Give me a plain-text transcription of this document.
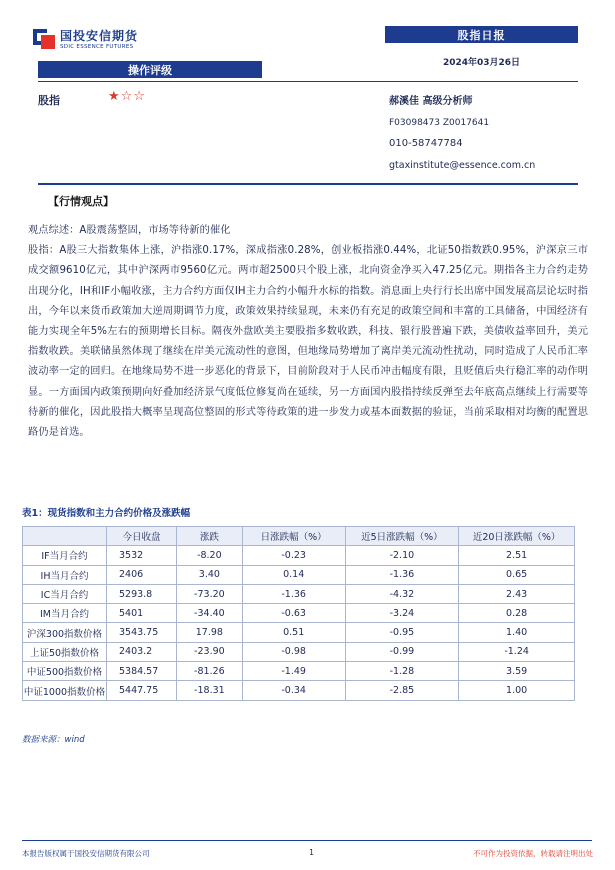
国投安信期货
SDIC ESSENCE FUTURES
股指日报
2024年03月26日
操作评级
股指	★☆☆	郝溪佳 高级分析师
F03098473 Z0017641
010-58747784
gtaxinstitute@essence.com.cn
【行情观点】

观点综述：A股震荡整固，市场等待新的催化

股指：A股三大指数集体上涨，沪指涨0.17%，深成指涨0.28%，创业板指涨0.44%，北证50指数跌0.95%，沪深京三市成交额9610亿元，其中沪深两市9560亿元。两市超2500只个股上涨，北向资金净买入47.25亿元。期指各主力合约走势出现分化，IH和IF小幅收涨，主力合约方面仅IH主力合约小幅升水标的指数。消息面上央行行长出席中国发展高层论坛时指出，今年以来货币政策加大逆周期调节力度，政策效果持续显现，未来仍有充足的政策空间和丰富的工具储备，中国经济有能力实现全年5%左右的预期增长目标。隔夜外盘欧美主要股指多数收跌，科技、银行股普遍下跌，美债收益率回升，美元指数收跌。美联储虽然体现了继续在岸美元流动性的意图，但地缘局势增加了离岸美元流动性扰动，同时造成了人民币汇率波动率一定的回归。在地缘局势不进一步恶化的背景下，目前阶段对于人民币冲击幅度有限，且贬值后央行稳汇率的动作明显。一方面国内政策预期向好叠加经济景气度低位修复尚在延续，另一方面国内股指持续反弹至去年底高点继续上行需要等待新的催化，因此股指大概率呈现高位整固的形式等待政策的进一步发力或基本面数据的验证，当前采取相对均衡的配置思路仍是首选。

表1：现货指数和主力合约价格及涨跌幅
	今日收盘	涨跌	日涨跌幅（%）	近5日涨跌幅（%）	近20日涨跌幅（%）
IF当月合约	3532	-8.20	-0.23	-2.10	2.51
IH当月合约	2406	3.40	0.14	-1.36	0.65
IC当月合约	5293.8	-73.20	-1.36	-4.32	2.43
IM当月合约	5401	-34.40	-0.63	-3.24	0.28
沪深300指数价格	3543.75	17.98	0.51	-0.95	1.40
上证50指数价格	2403.2	-23.90	-0.98	-0.99	-1.24
中证500指数价格	5384.57	-81.26	-1.49	-1.28	3.59
中证1000指数价格	5447.75	-18.31	-0.34	-2.85	1.00
数据来源：wind
本报告版权属于国投安信期货有限公司	1	不可作为投资依据，转载请注明出处
